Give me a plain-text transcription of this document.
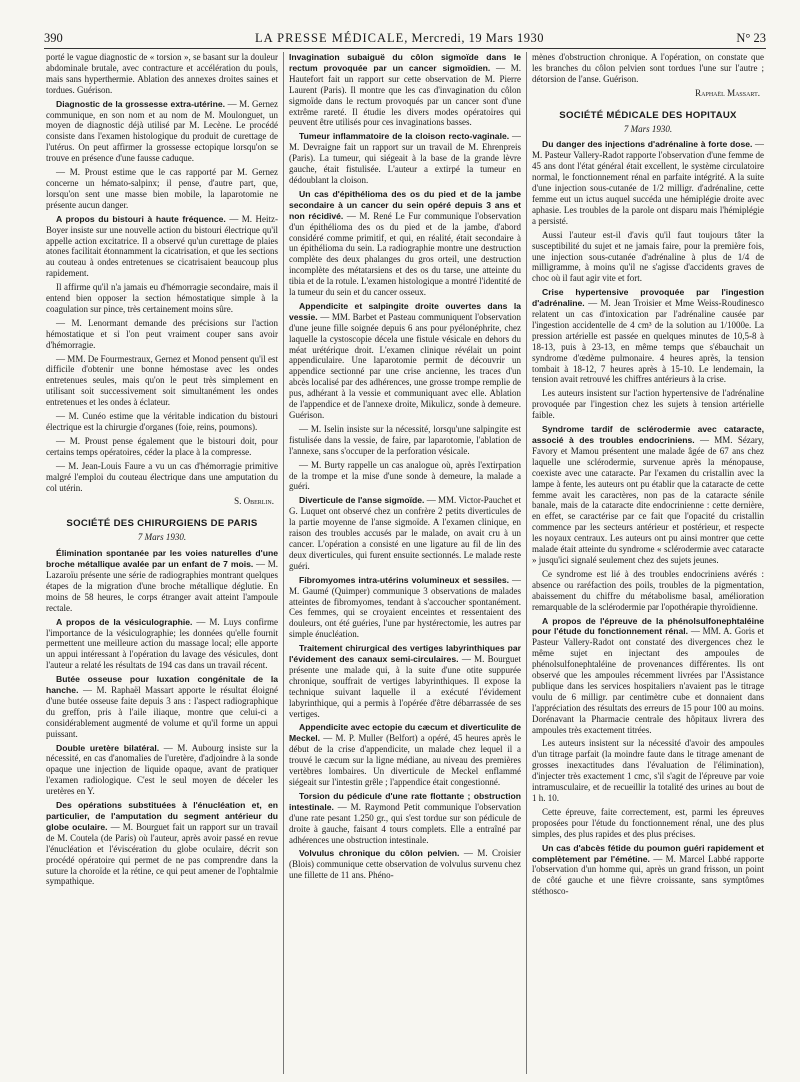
390	LA PRESSE MÉDICALE, Mercredi, 19 Mars 1930	N° 23

porté le vague diagnostic de « torsion », se basant sur la douleur abdominale brutale, avec contracture et accélération du pouls, mais sans hyperthermie. Ablation des annexes droites saines et tordues. Guérison.

Diagnostic de la grossesse extra-utérine. — M. Gernez communique, en son nom et au nom de M. Moulonguet, un moyen de diagnostic déjà utilisé par M. Lecène. Le procédé consiste dans l'examen histologique du produit de curettage de l'utérus. On peut affirmer la grossesse ectopique lorsqu'on se trouve en présence d'une fausse caduque.

— M. Proust estime que le cas rapporté par M. Gernez concerne un hémato-salpinx; il pense, d'autre part, que, lorsqu'on sent une masse bien mobile, la laparotomie ne présente aucun danger.

A propos du bistouri à haute fréquence. — M. Heitz-Boyer insiste sur une nouvelle action du bistouri électrique qu'il appelle action excitatrice. Il a observé qu'un curettage de plaies atones facilitait étonnamment la cicatrisation, et que les sections au couteau à ondes entretenues se cicatrisaient beaucoup plus rapidement.

Il affirme qu'il n'a jamais eu d'hémorragie secondaire, mais il entend bien opposer la section hémostatique simple à la coagulation sur pince, très certainement moins sûre.

— M. Lenormant demande des précisions sur l'action hémostatique et si l'on peut vraiment couper sans avoir d'hémorragie.

— MM. De Fourmestraux, Gernez et Monod pensent qu'il est difficile d'obtenir une bonne hémostase avec les ondes entretenues seules, mais qu'on le peut très simplement en utilisant soit successivement soit simultanément les ondes entretenues et les ondes à éclateur.

— M. Cunéo estime que la véritable indication du bistouri électrique est la chirurgie d'organes (foie, reins, poumons).

— M. Proust pense également que le bistouri doit, pour certains temps opératoires, céder la place à la compresse.

— M. Jean-Louis Faure a vu un cas d'hémorragie primitive malgré l'emploi du couteau électrique dans une amputation du col utérin.

S. Oberlin.

SOCIÉTÉ DES CHIRURGIENS DE PARIS
7 Mars 1930.

Élimination spontanée par les voies naturelles d'une broche métallique avalée par un enfant de 7 mois. — M. Lazaroïu présente une série de radiographies montrant quelques étapes de la migration d'une broche métallique déglutie. En moins de 58 heures, le corps étranger avait atteint l'ampoule rectale.

A propos de la vésiculographie. — M. Luys confirme l'importance de la vésiculographie; les données qu'elle fournit permettent une meilleure action du massage local; elle apporte un appui intéressant à l'opération du lavage des vésicules, dont l'auteur a relaté les résultats de 194 cas dans un travail récent.

Butée osseuse pour luxation congénitale de la hanche. — M. Raphaël Massart apporte le résultat éloigné d'une butée osseuse faite depuis 3 ans : l'aspect radiographique du greffon, pris à l'aile iliaque, montre que celui-ci a considérablement augmenté de volume et qu'il forme un appui puissant.

Double uretère bilatéral. — M. Aubourg insiste sur la nécessité, en cas d'anomalies de l'uretère, d'adjoindre à la sonde opaque une injection de liquide opaque, avant de pratiquer l'examen radiologique. C'est le seul moyen de déceler les uretères en Y.

Des opérations substituées à l'énucléation et, en particulier, de l'amputation du segment antérieur du globe oculaire. — M. Bourguet fait un rapport sur un travail de M. Coutela (de Paris) où l'auteur, après avoir passé en revue l'énucléation et l'éviscération du globe oculaire, décrit son procédé opératoire qui permet de ne pas comprendre dans la suture la choroïde et la rétine, ce qui peut amener de l'ophtalmie sympathique.

Invagination subaiguë du côlon sigmoïde dans le rectum provoquée par un cancer sigmoïdien. — M. Hautefort fait un rapport sur cette observation de M. Pierre Laurent (Paris). Il montre que les cas d'invagination du côlon sigmoïde dans le rectum provoqués par un cancer sont d'une extrême rareté. Il étudie les divers modes opératoires qui peuvent être utilisés pour ces invaginations basses.

Tumeur inflammatoire de la cloison recto-vaginale. — M. Devraigne fait un rapport sur un travail de M. Ehrenpreis (Paris). La tumeur, qui siégeait à la base de la grande lèvre gauche, était fistulisée. L'auteur a extirpé la tumeur en dédoublant la cloison.

Un cas d'épithélioma des os du pied et de la jambe secondaire à un cancer du sein opéré depuis 3 ans et non récidivé. — M. René Le Fur communique l'observation d'un épithélioma des os du pied et de la jambe, d'abord considéré comme primitif, et qui, en réalité, était secondaire à un épithélioma du sein. La radiographie montre une destruction complète des deux phalanges du gros orteil, une destruction incomplète des métatarsiens et des os du tarse, une atteinte du tibia et de la rotule. L'examen histologique a montré l'identité de la tumeur du sein et du cancer osseux.

Appendicite et salpingite droite ouvertes dans la vessie. — MM. Barbet et Pasteau communiquent l'observation d'une jeune fille soignée depuis 6 ans pour pyélonéphrite, chez laquelle la cystoscopie décela une fistule vésicale en dehors du méat urétérique droit. L'examen clinique révélait un point appendiculaire. Une laparotomie permit de découvrir un appendice sectionné par une crise ancienne, les traces d'un abcès localisé par des adhérences, une grosse trompe remplie de pus, adhérant à la vessie et communiquant avec elle. Ablation de l'appendice et de l'annexe droite, Mikulicz, sonde à demeure. Guérison.

— M. Iselin insiste sur la nécessité, lorsqu'une salpingite est fistulisée dans la vessie, de faire, par laparotomie, l'ablation de l'annexe, sans s'occuper de la perforation vésicale.

— M. Burty rappelle un cas analogue où, après l'extirpation de la trompe et la mise d'une sonde à demeure, la malade a guéri.

Diverticule de l'anse sigmoïde. — MM. Victor-Pauchet et G. Luquet ont observé chez un confrère 2 petits diverticules de la partie moyenne de l'anse sigmoïde. A l'examen clinique, en raison des troubles accusés par le malade, on avait cru à un cancer. L'opération a consisté en une ligature au fil de lin des deux diverticules, qui furent ensuite sectionnés. Le malade reste guéri.

Fibromyomes intra-utérins volumineux et sessiles. — M. Gaumé (Quimper) communique 3 observations de malades atteintes de fibromyomes, tendant à s'accoucher spontanément. Ces femmes, qui se croyaient enceintes et ressentaient des douleurs, ont été guéries, l'une par hystérectomie, les autres par simple énucléation.

Traitement chirurgical des vertiges labyrinthiques par l'évidement des canaux semi-circulaires. — M. Bourguet présente une malade qui, à la suite d'une otite suppurée chronique, souffrait de vertiges labyrinthiques. Il expose la technique suivant laquelle il a exécuté l'évidement labyrinthique, qui a permis à l'opérée d'être débarrassée de ses vertiges.

Appendicite avec ectopie du cæcum et diverticulite de Meckel. — M. P. Muller (Belfort) a opéré, 45 heures après le début de la crise d'appendicite, un malade chez lequel il a trouvé le cæcum sur la ligne médiane, au niveau des premières vertèbres lombaires. Un diverticule de Meckel enflammé siégeait sur l'intestin grêle ; l'appendice était congestionné.

Torsion du pédicule d'une rate flottante ; obstruction intestinale. — M. Raymond Petit communique l'observation d'une rate pesant 1.250 gr., qui s'est tordue sur son pédicule de droite à gauche, faisant 4 tours complets. Elle a entraîné par adhérences une obstruction intestinale.

Volvulus chronique du côlon pelvien. — M. Croisier (Blois) communique cette observation de volvulus survenu chez une fillette de 11 ans. Phéno-

mènes d'obstruction chronique. A l'opération, on constate que les branches du côlon pelvien sont tordues l'une sur l'autre ; détorsion de l'anse. Guérison.

Raphaël Massart.

SOCIÉTÉ MÉDICALE DES HOPITAUX
7 Mars 1930.

Du danger des injections d'adrénaline à forte dose. — M. Pasteur Vallery-Radot rapporte l'observation d'une femme de 45 ans dont l'état général était excellent, le système circulatoire normal, le fonctionnement rénal en parfaite intégrité. A la suite d'une injection sous-cutanée de 1/2 milligr. d'adrénaline, cette femme eut un ictus auquel succéda une hémiplégie droite avec aphasie. Les troubles de la parole ont disparu mais l'hémiplégie a persisté.

Aussi l'auteur est-il d'avis qu'il faut toujours tâter la susceptibilité du sujet et ne jamais faire, pour la première fois, une injection sous-cutanée d'adrénaline à plus de 1/4 de milligramme, à moins qu'il ne s'agisse d'accidents graves de choc où il faut agir vite et fort.

Crise hypertensive provoquée par l'ingestion d'adrénaline. — M. Jean Troisier et Mme Weiss-Roudinesco relatent un cas d'intoxication par l'adrénaline causée par l'ingestion accidentelle de 4 cm³ de la solution au 1/1000e. La pression artérielle est passée en quelques minutes de 10,5-8 à 18-13, puis à 23-13, en même temps que s'ébauchait un syndrome d'œdème pulmonaire. 4 heures après, la tension tombait à 18-12, 7 heures après à 15-10. Le lendemain, la tension avait retrouvé les chiffres antérieurs à la crise.

Les auteurs insistent sur l'action hypertensive de l'adrénaline provoquée par l'ingestion chez les sujets à tension artérielle faible.

Syndrome tardif de sclérodermie avec cataracte, associé à des troubles endocriniens. — MM. Sézary, Favory et Mamou présentent une malade âgée de 67 ans chez laquelle une sclérodermie, survenue après la ménopause, coexiste avec une cataracte. Par l'examen du cristallin avec la lampe à fente, les auteurs ont pu établir que la cataracte de cette femme avait les caractères, non pas de la cataracte sénile banale, mais de la cataracte dite endocrinienne : cette dernière, en effet, se caractérise par ce fait que l'opacité du cristallin commence par les secteurs antérieur et postérieur, et respecte les noyaux centraux. Les auteurs ont pu ainsi montrer que cette malade était atteinte du syndrome « sclérodermie avec cataracte » jusqu'ici signalé seulement chez des sujets jeunes.

Ce syndrome est lié à des troubles endocriniens avérés : absence ou raréfaction des poils, troubles de la pigmentation, abaissement du chiffre du métabolisme basal, amélioration remarquable de la sclérodermie par l'opothérapie thyroïdienne.

A propos de l'épreuve de la phénolsulfonephtaléine pour l'étude du fonctionnement rénal. — MM. A. Goris et Pasteur Vallery-Radot ont constaté des divergences chez le même sujet en injectant des ampoules de phénolsulfonephtaléine de provenances différentes. Ils ont observé que les ampoules récemment livrées par l'Assistance publique dans les services hospitaliers n'avaient pas le titrage voulu de 6 milligr. par centimètre cube et donnaient dans l'appréciation des résultats des erreurs de 15 pour 100 au moins. Dorénavant la Pharmacie centrale des hôpitaux livrera des ampoules très exactement titrées.

Les auteurs insistent sur la nécessité d'avoir des ampoules d'un titrage parfait (la moindre faute dans le titrage amenant de grosses inexactitudes dans l'évaluation de l'élimination), d'injecter très exactement 1 cmc, s'il s'agit de l'épreuve par voie intramusculaire, et de recueillir la totalité des urines au bout de 1 h. 10.

Cette épreuve, faite correctement, est, parmi les épreuves proposées pour l'étude du fonctionnement rénal, une des plus simples, des plus rapides et des plus précises.

Un cas d'abcès fétide du poumon guéri rapidement et complètement par l'émétine. — M. Marcel Labbé rapporte l'observation d'un homme qui, après un grand frisson, un point de côté gauche et une fièvre croissante, sans symptômes stéthosco-
